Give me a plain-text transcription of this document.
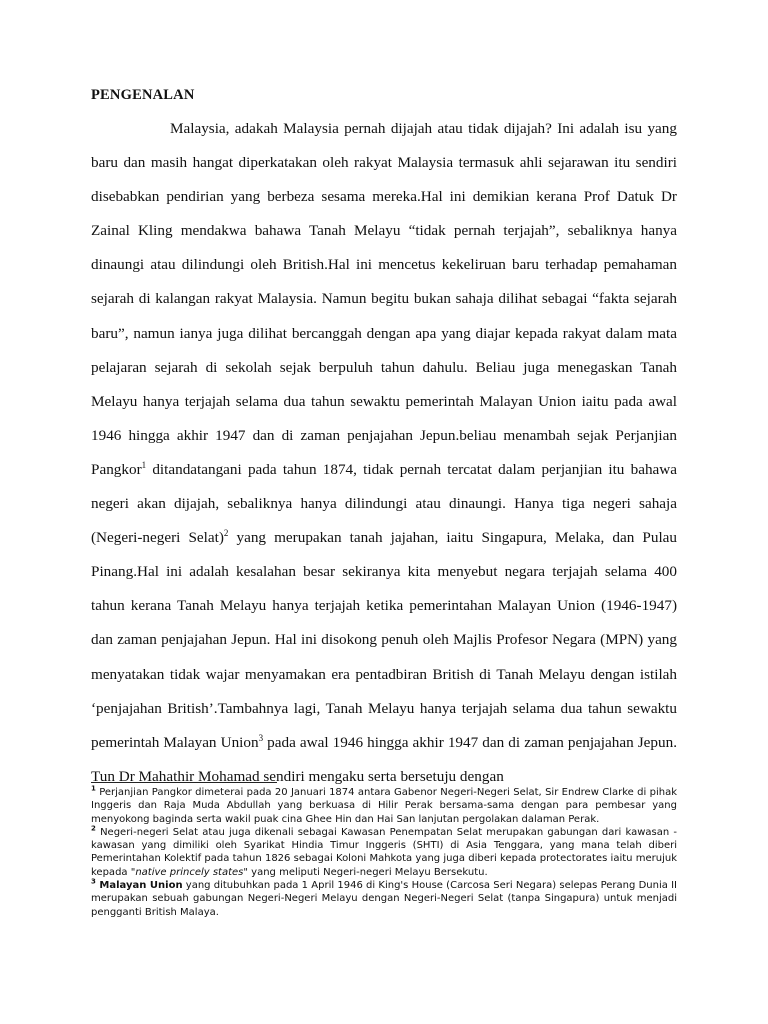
PENGENALAN

Malaysia, adakah Malaysia pernah dijajah atau tidak dijajah? Ini adalah isu yang baru dan masih hangat diperkatakan oleh rakyat Malaysia termasuk ahli sejarawan itu sendiri disebabkan pendirian yang berbeza sesama mereka.Hal ini demikian kerana Prof Datuk Dr Zainal Kling mendakwa bahawa Tanah Melayu “tidak pernah terjajah”, sebaliknya hanya dinaungi atau dilindungi oleh British.Hal ini mencetus kekeliruan baru terhadap pemahaman sejarah di kalangan rakyat Malaysia. Namun begitu bukan sahaja dilihat sebagai “fakta sejarah baru”, namun ianya juga dilihat bercanggah dengan apa yang diajar kepada rakyat dalam mata pelajaran sejarah di sekolah sejak berpuluh tahun dahulu. Beliau juga menegaskan Tanah Melayu hanya terjajah selama dua tahun sewaktu pemerintah Malayan Union iaitu pada awal 1946 hingga akhir 1947 dan di zaman penjajahan Jepun.beliau menambah sejak Perjanjian Pangkor$^1$ ditandatangani pada tahun 1874, tidak pernah tercatat dalam perjanjian itu bahawa negeri akan dijajah, sebaliknya hanya dilindungi atau dinaungi. Hanya tiga negeri sahaja (Negeri-negeri Selat)$^2$ yang merupakan tanah jajahan, iaitu Singapura, Melaka, dan Pulau Pinang.Hal ini adalah kesalahan besar sekiranya kita menyebut negara terjajah selama 400 tahun kerana Tanah Melayu hanya terjajah ketika pemerintahan Malayan Union (1946-1947) dan zaman penjajahan Jepun. Hal ini disokong penuh oleh Majlis Profesor Negara (MPN) yang menyatakan tidak wajar menyamakan era pentadbiran British di Tanah Melayu dengan istilah ‘penjajahan British’.Tambahnya lagi, Tanah Melayu hanya terjajah selama dua tahun sewaktu pemerintah Malayan Union$^3$ pada awal 1946 hingga akhir 1947 dan di zaman penjajahan Jepun. Tun Dr Mahathir Mohamad sendiri mengaku serta bersetuju dengan

$^1$ Perjanjian Pangkor dimeterai pada 20 Januari 1874 antara Gabenor Negeri-Negeri Selat, Sir Endrew Clarke di pihak Inggeris dan Raja Muda Abdullah yang berkuasa di Hilir Perak bersama-sama dengan para pembesar yang menyokong baginda serta wakil puak cina Ghee Hin dan Hai San lanjutan pergolakan dalaman Perak.

$^2$ Negeri-negeri Selat atau juga dikenali sebagai Kawasan Penempatan Selat merupakan gabungan dari kawasan - kawasan yang dimiliki oleh Syarikat Hindia Timur Inggeris (SHTI) di Asia Tenggara, yang mana telah diberi Pemerintahan Kolektif pada tahun 1826 sebagai Koloni Mahkota yang juga diberi kepada protectorates iaitu merujuk kepada "native princely states" yang meliputi Negeri-negeri Melayu Bersekutu.

$^3$ Malayan Union yang ditubuhkan pada 1 April 1946 di King's House (Carcosa Seri Negara) selepas Perang Dunia II merupakan sebuah gabungan Negeri-Negeri Melayu dengan Negeri-Negeri Selat (tanpa Singapura) untuk menjadi pengganti British Malaya.
